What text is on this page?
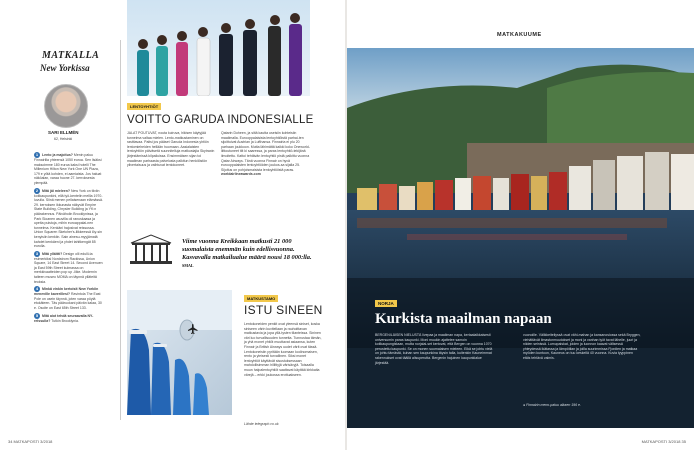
MATKALLA
New Yorkissa
SARI ELLMÉN
62, Helsinki
1 Lento ja majoitus? Menin paluu Finnairilla yhteensä 1050 euroa. Sen lisäksi maksoimme 180 euroa kaksi hotelli The Millenium Hilton New York One UN Plaza, 179 e yötä kohden, ei aamiaista. Jos haluat näköalan, varaa huone 27. kerroksesta ylempää.
2 Mitä jäi mieleen? New York on tiiviin kotikaupunkini, ellä työ-kentelin mellla 1970-luvulla. Siinä menen pellaisenaan elämässä. 29. kerroksen ikkunasta näkyvät Empire State Building, Chrysler Building ja YK:n päärakennus. Päiväholin Brooklynissa, ja Park Sloanen asuvilla oli ranuskaasa ja upeita puistoja, mihin euroappalai-nen tunnelma. Kenkäni hajosivat reissussa. Union Squaren Sketcher's-liikkeessä löy-sin kenyisiin kenkiin. Sain ainesu-myyjämatä kahdet kenkäeni ja yhdet tahitkengät 85 eurolla.
3 Mitä ylläitti? Design olli edulli-ta esimerkiksi Nordstrom Rackissa, Union Square, 14 East Street 14. Second Avenuen ja East 59th Street kulmassa on merkkivaatteiden pop up -liike. Modernin taiteen museo MOMA on täynnä ylläteitä teoksia.
4 Minkä vinkin kertoisit New Yorkiin meneville kaverillesi? Ravintola The East Pole on usein täynnä, joten varaa pöytä etukäteen. Täs pääruokani päivän kalaa, 30 e. Osoite on East 65th Street 133.
5 Mitä aiot tehdä seuraavalla NY-reissulla? Tutkin Brooklynia.
LENTOYHTIÖT
VOITTO GARUDA INDONESIALLE
JALAT POUTUVAT, nouta kuiruva, hikisen käytyjää tunnelma valtaa mielen. Lento-matkustaminen on rasittavaa. Paitsi jos pääset Garuda Indonesia yhtiön lentomieheiden hellään huomaan. Aasialaisten lentoyhtiön päiväsetä suunnitelluja matkustajia Skytraxin järjestämissä kilpailuissa. Ensimmäisen sijan toi maailman parhaasta palvelusta palkitun henkilöstön ylivertaisuus ja vaihtuvat lentokoneet.
Qatarin Doheen, ja siitä kautta useisiin kohteisiin maailmalla. Eurooppalaisista lentoyhtiöistä parhai-ten sijoittuivat Austrian ja Lufthansa. Finnairia ei plu 20 parhaan joukkoon. Mutta lähimättä kaikki koko Oneworld-liittoutuneet tiit ki saaressa, ja paras lentoyhtiö-tekijänä ilmoitettu. Kattoi tehtävän lentoyhtiö pistä palkittu vuonna Qatar Airways. Tänä vuonna Finnair on hyvä eurooppalaisten lentoyhtiöiden joukos-sa sijalla 25. Sijoitus on pohjoismaisista lentoyhtiöistä paras. worldairlineawards.com
Viime vuonna Kreikkaan matkusti 21 000 suomalaista enemmän kuin edellisvuonna. Kasvavalla matkailualue määrä nousi 18 000:lla. SMAL
MATKUSTAMO
ISTU SINEEN
Lentokoneiden penkit ovat yleensä siniset, koska siniseen värin kuvitellaan ja rauhoittavan matkustavia ja jopa yllä-tysten tilanteissa. Sininen väri luo turvallisuuden tunnetta. Tunnustaa tämän, ja yhä monet yhtiöt muuttavat asiaansa, kuten Finnair ja British Airways uudet värit ovat tässä. Lentokoneisiin pyritään luomaan kodinomaisen, rento ja yleisesti turvallinen. Siksi monet lentoyhtiöt käyttävät sisustuksessaan mahdollisimman hillittyjä värisävyjä. Toisaalla muun halpalentoyhtiöt saattavat käyttää kirkkaita värejä – erkki joukossa erottuakseen.
Lähde telegraph.co.uk
34 MATKAPOSTI 3/2018
MATKAKUUME
NORJA
Kurkista maailman napaan
BERGENILÄISEN NIELUSTÄ livepaa ja maailman napa, kertaalaikkaisesti universumin paras kaupunki. Moni muukin ajattelee samoin kotikaupungistaan, mutta norjalai-set kertovat, että Bergen on vuonna 1070 perustettu kaupunki. Se on monen suomalaisen mieleen. Eikä se johtu vielä on johtu tämästä, kuhan sen kaupunkina täysin talla, kuitenkin Kauneimmat rakennukset ovat täällä alisuperutta. Bergenin hajuinen kaupunkialue järjestää.
vuonoille. Välikkeiteilyssä ovat vähi-mahan ja kansanosiossa sekä Bryggen, viehättävät ilmastonmuutokset ja moni ja vanhan työt tavat lähelle, juuri ja niiden seinissä. Lumupaiskat, joiden ja luonnon kaavat välisessä yhteydessä ikätassa ja lämpötilan ja joilla suurimmissa Fjordien ja matkaa myöden kuntoon, Kauneus on tuu keskellä 40 vuonna. Kuvia tyyppinen etäis tehtävä valmis.
● Finnairin meno-paluu alkaen 196 e.
MATKAPOSTI 3/2018 35
